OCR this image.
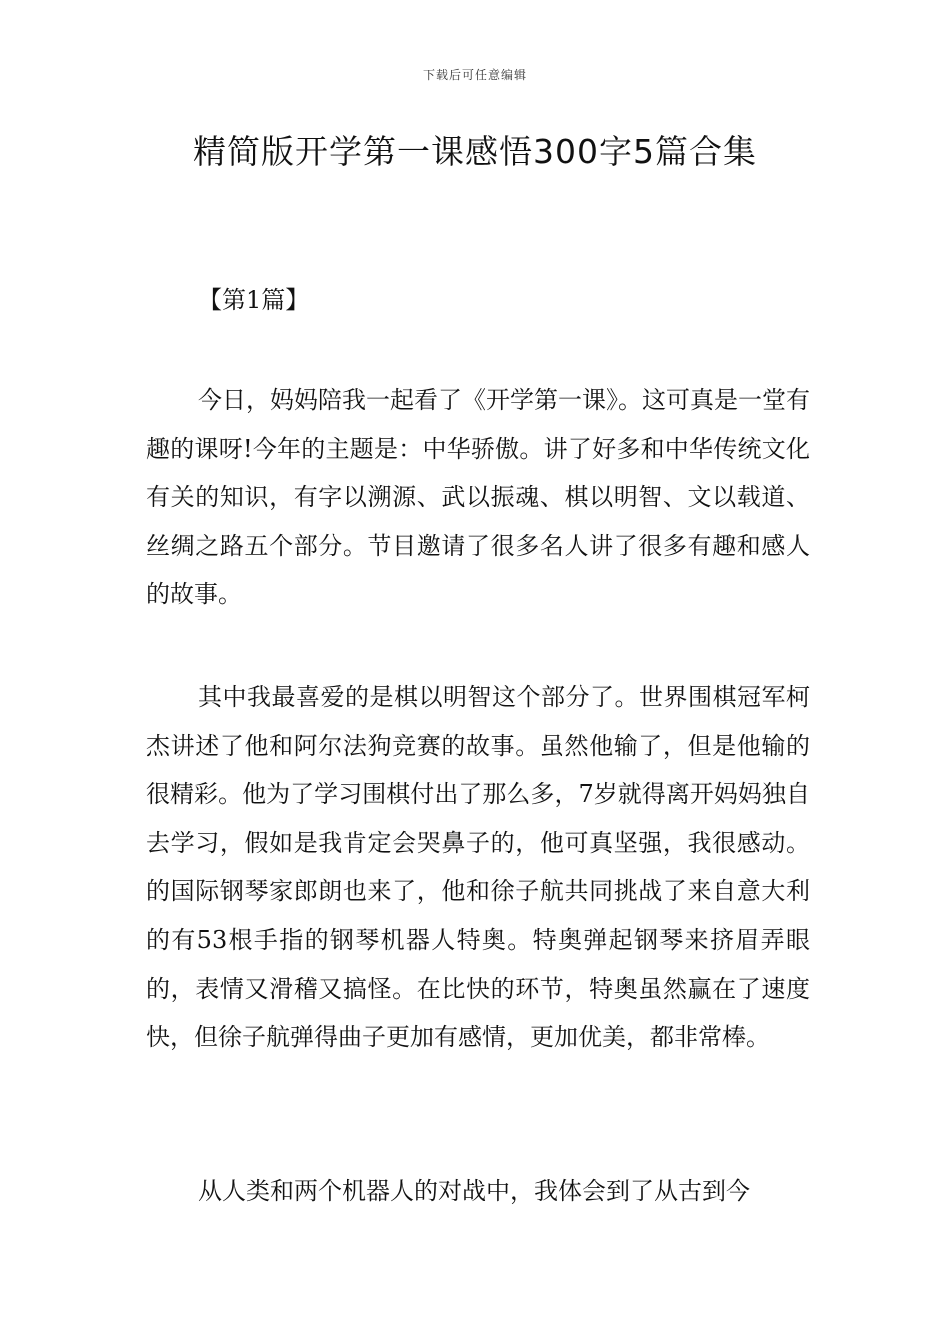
下载后可任意编辑
精简版开学第一课感悟300字5篇合集
【第1篇】

今日，妈妈陪我一起看了《开学第一课》。这可真是一堂有趣的课呀!今年的主题是：中华骄傲。讲了好多和中华传统文化有关的知识，有字以溯源、武以振魂、棋以明智、文以载道、丝绸之路五个部分。节目邀请了很多名人讲了很多有趣和感人的故事。

其中我最喜爱的是棋以明智这个部分了。世界围棋冠军柯杰讲述了他和阿尔法狗竞赛的故事。虽然他输了，但是他输的很精彩。他为了学习围棋付出了那么多，7岁就得离开妈妈独自去学习，假如是我肯定会哭鼻子的，他可真坚强，我很感动。的国际钢琴家郎朗也来了，他和徐子航共同挑战了来自意大利的有53根手指的钢琴机器人特奥。特奥弹起钢琴来挤眉弄眼的，表情又滑稽又搞怪。在比快的环节，特奥虽然赢在了速度快，但徐子航弹得曲子更加有感情，更加优美，都非常棒。

从人类和两个机器人的对战中，我体会到了从古到今
